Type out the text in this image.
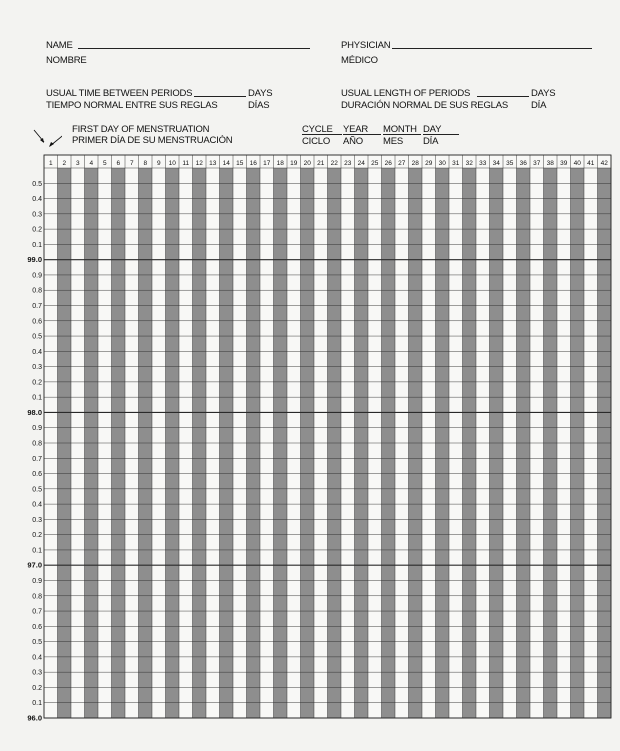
NAME
NOMBRE
PHYSICIAN
MÉDICO
USUAL TIME BETWEEN PERIODS	DAYS
TIEMPO NORMAL ENTRE SUS REGLAS	DÍAS
USUAL LENGTH OF PERIODS	DAYS
DURACIÓN NORMAL DE SUS REGLAS DÍA
FIRST DAY OF MENSTRUATION
PRIMER DÍA DE SU MENSTRUACIÓN
CYCLE
CICLO
YEAR
AÑO
MONTH
MES
DAY
DÍA
1 2 3 4 5 6 7 8 9 10 11 12 13 14 15 16 17 18 19 20 21 22 23 24 25 26 27 28 29 30 31 32 33 34 35 36 37 38 39 40 41 42
0.5
0.4
0.3
0.2
0.1
99.0
0.9
0.8
0.7
0.6
0.5
0.4
0.3
0.2
0.1
98.0
0.9
0.8
0.7
0.6
0.5
0.4
0.3
0.2
0.1
97.0
0.9
0.8
0.7
0.6
0.5
0.4
0.3
0.2
0.1
96.0
